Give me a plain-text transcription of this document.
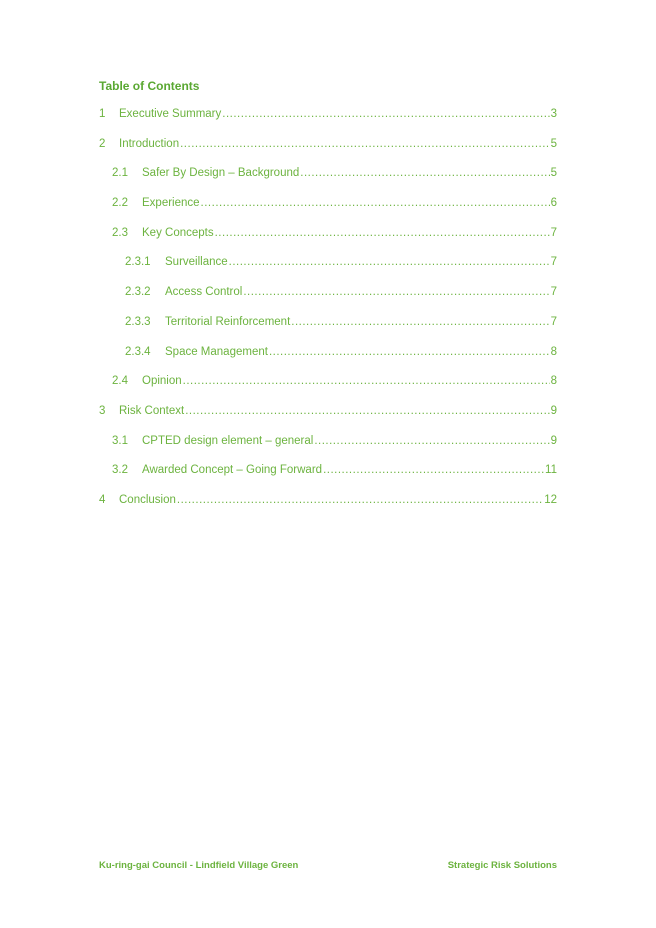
Table of Contents
1	Executive Summary .....	3
2	Introduction .....	5
2.1	Safer By Design – Background .....	5
2.2	Experience .....	6
2.3	Key Concepts .....	7
2.3.1	Surveillance .....	7
2.3.2	Access Control .....	7
2.3.3	Territorial Reinforcement .....	7
2.3.4	Space Management .....	8
2.4	Opinion .....	8
3	Risk Context .....	9
3.1	CPTED design element – general .....	9
3.2	Awarded Concept – Going Forward .....	11
4	Conclusion .....	12
Ku-ring-gai Council - Lindfield Village Green	Strategic Risk Solutions
